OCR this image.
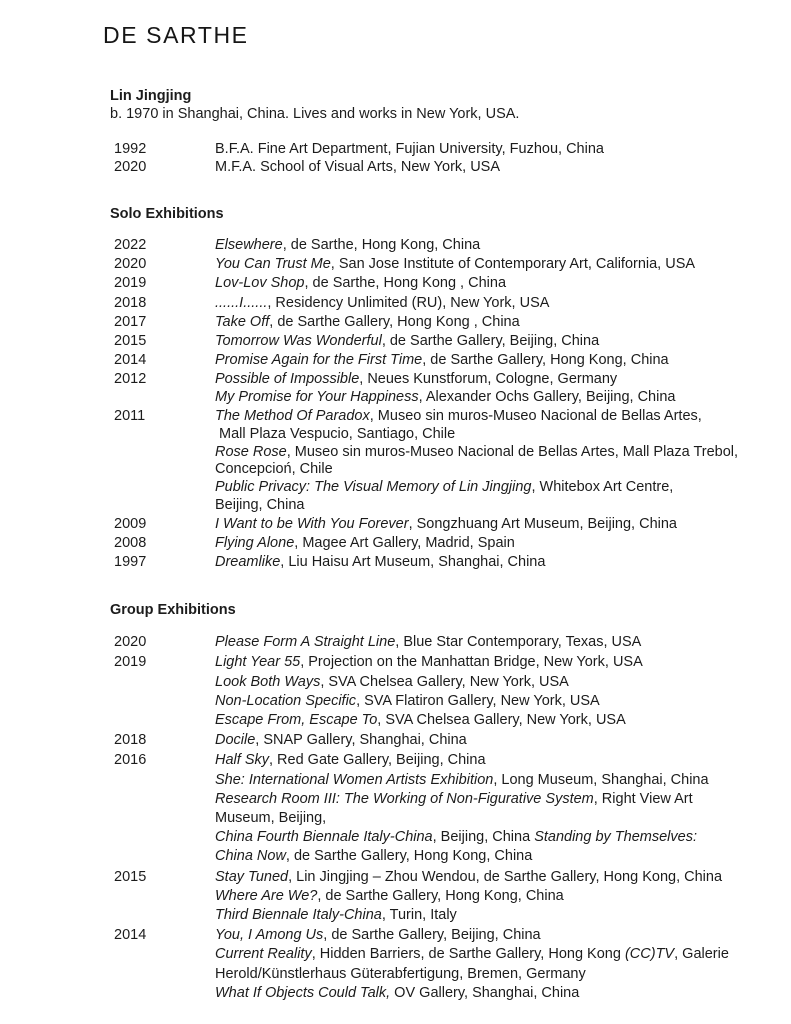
DE SARTHE
Lin Jingjing
b. 1970 in Shanghai, China. Lives and works in New York, USA.
1992	B.F.A. Fine Art Department, Fujian University, Fuzhou, China
2020	M.F.A. School of Visual Arts, New York, USA
Solo Exhibitions
2022	Elsewhere, de Sarthe, Hong Kong, China
2020	You Can Trust Me, San Jose Institute of Contemporary Art, California, USA
2019	Lov-Lov Shop, de Sarthe, Hong Kong , China
2018	......I......, Residency Unlimited (RU), New York, USA
2017	Take Off, de Sarthe Gallery, Hong Kong , China
2015	Tomorrow Was Wonderful, de Sarthe Gallery, Beijing, China
2014	Promise Again for the First Time, de Sarthe Gallery, Hong Kong, China
2012	Possible of Impossible, Neues Kunstforum, Cologne, Germany
My Promise for Your Happiness, Alexander Ochs Gallery, Beijing, China
2011	The Method Of Paradox, Museo sin muros-Museo Nacional de Bellas Artes,
Mall Plaza Vespucio, Santiago, Chile
Rose Rose, Museo sin muros-Museo Nacional de Bellas Artes, Mall Plaza Trebol,
Concepcioń, Chile
Public Privacy: The Visual Memory of Lin Jingjing, Whitebox Art Centre,
Beijing, China
2009	I Want to be With You Forever, Songzhuang Art Museum, Beijing, China
2008	Flying Alone, Magee Art Gallery, Madrid, Spain
1997	Dreamlike, Liu Haisu Art Museum, Shanghai, China
Group Exhibitions
2020	Please Form A Straight Line, Blue Star Contemporary, Texas, USA
2019	Light Year 55, Projection on the Manhattan Bridge, New York, USA
Look Both Ways, SVA Chelsea Gallery, New York, USA
Non-Location Specific, SVA Flatiron Gallery, New York, USA
Escape From, Escape To, SVA Chelsea Gallery, New York, USA
2018	Docile, SNAP Gallery, Shanghai, China
2016	Half Sky, Red Gate Gallery, Beijing, China
She: International Women Artists Exhibition, Long Museum, Shanghai, China
Research Room III: The Working of Non-Figurative System, Right View Art
Museum, Beijing,
China Fourth Biennale Italy-China, Beijing, China Standing by Themselves:
China Now, de Sarthe Gallery, Hong Kong, China
2015	Stay Tuned, Lin Jingjing – Zhou Wendou, de Sarthe Gallery, Hong Kong, China
Where Are We?, de Sarthe Gallery, Hong Kong, China
Third Biennale Italy-China, Turin, Italy
2014	You, I Among Us, de Sarthe Gallery, Beijing, China
Current Reality, Hidden Barriers, de Sarthe Gallery, Hong Kong (CC)TV, Galerie
Herold/Künstlerhaus Güterabfertigung, Bremen, Germany
What If Objects Could Talk, OV Gallery, Shanghai, China
